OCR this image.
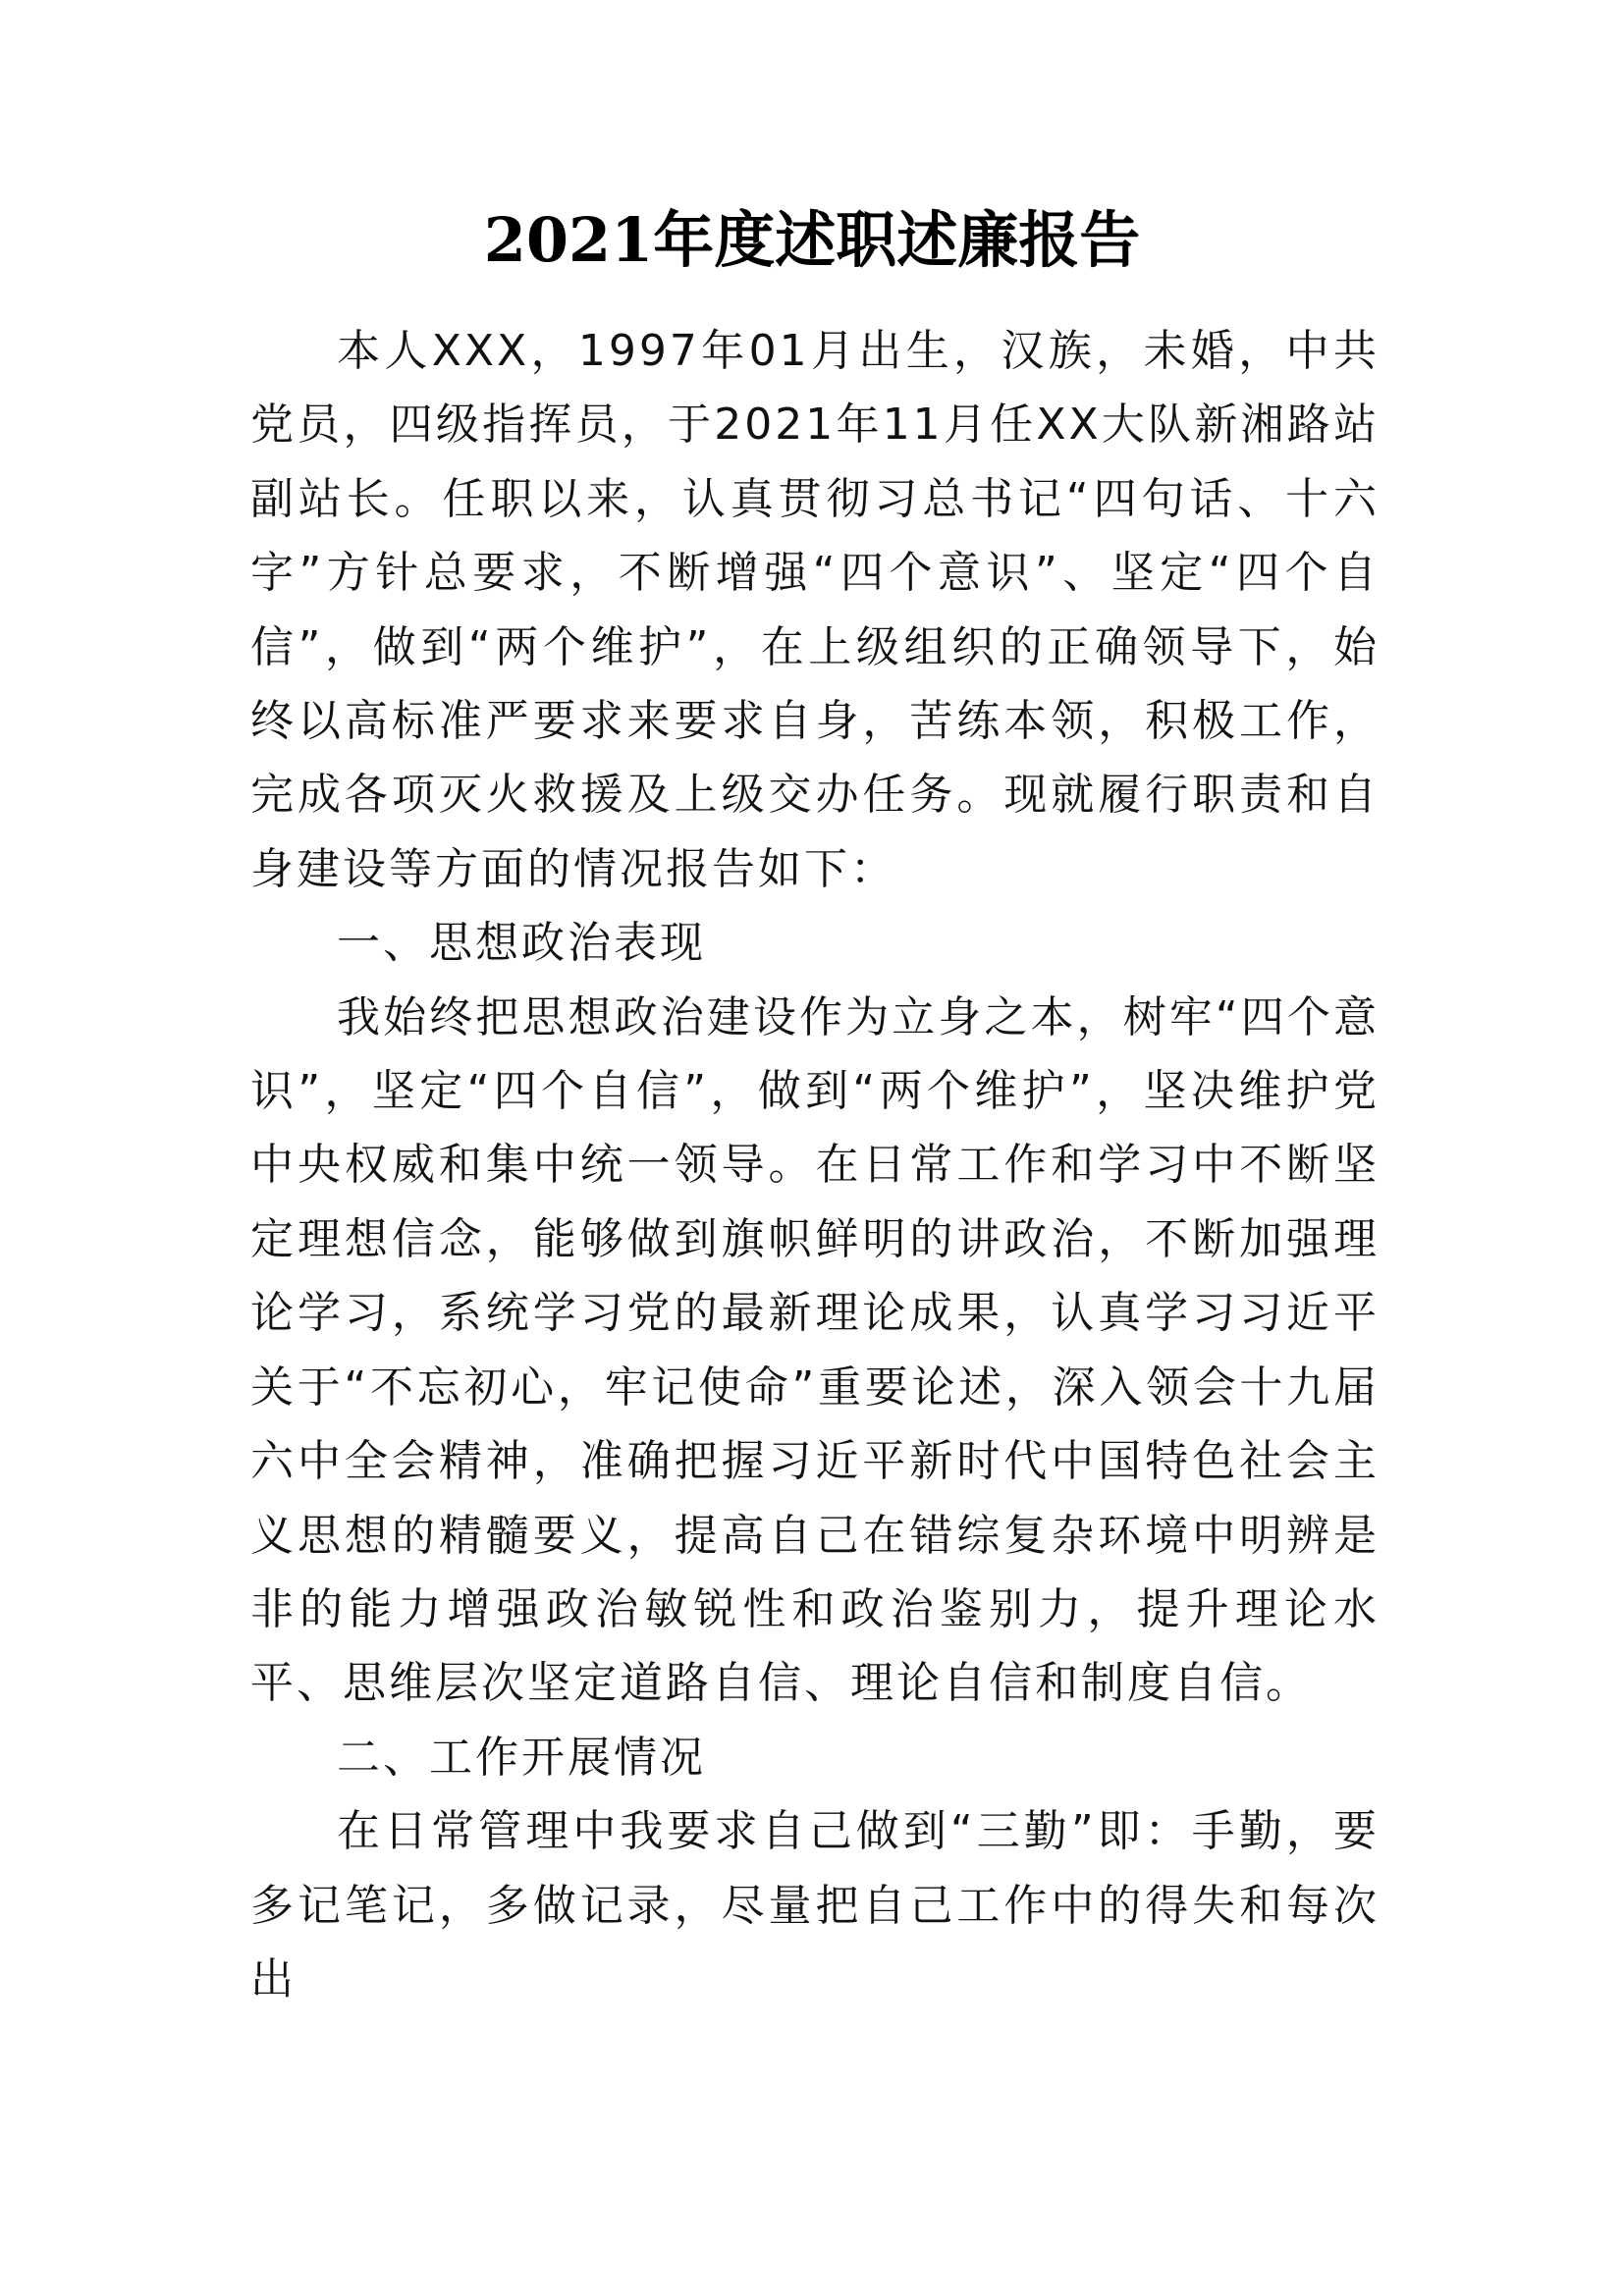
2021年度述职述廉报告

本人XXX，1997年01月出生，汉族，未婚，中共党员，四级指挥员，于2021年11月任XX大队新湘路站副站长。任职以来，认真贯彻习总书记“四句话、十六字”方针总要求，不断增强“四个意识”、坚定“四个自信”，做到“两个维护”，在上级组织的正确领导下，始终以高标准严要求来要求自身，苦练本领，积极工作，完成各项灭火救援及上级交办任务。现就履行职责和自身建设等方面的情况报告如下：

一、思想政治表现

我始终把思想政治建设作为立身之本，树牢“四个意识”，坚定“四个自信”，做到“两个维护”，坚决维护党中央权威和集中统一领导。在日常工作和学习中不断坚定理想信念，能够做到旗帜鲜明的讲政治，不断加强理论学习，系统学习党的最新理论成果，认真学习习近平关于“不忘初心，牢记使命”重要论述，深入领会十九届六中全会精神，准确把握习近平新时代中国特色社会主义思想的精髓要义，提高自己在错综复杂环境中明辨是非的能力增强政治敏锐性和政治鉴别力，提升理论水平、思维层次坚定道路自信、理论自信和制度自信。

二、工作开展情况

在日常管理中我要求自己做到“三勤”即：手勤，要多记笔记，多做记录，尽量把自己工作中的得失和每次出
